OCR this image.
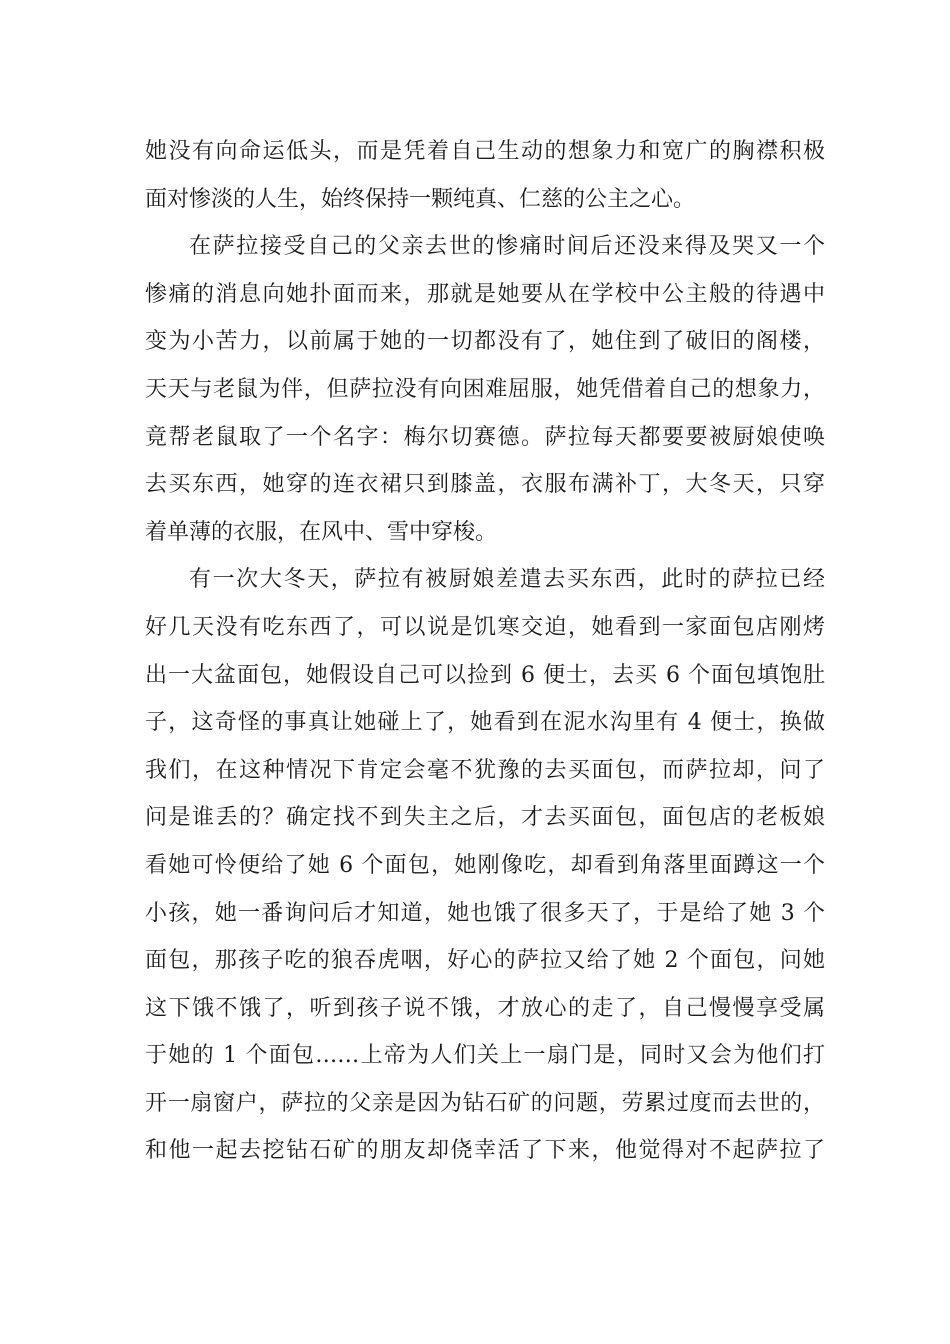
她没有向命运低头，而是凭着自己生动的想象力和宽广的胸襟积极
面对惨淡的人生，始终保持一颗纯真、仁慈的公主之心。
在萨拉接受自己的父亲去世的惨痛时间后还没来得及哭又一个
惨痛的消息向她扑面而来，那就是她要从在学校中公主般的待遇中
变为小苦力，以前属于她的一切都没有了，她住到了破旧的阁楼，
天天与老鼠为伴，但萨拉没有向困难屈服，她凭借着自己的想象力，
竟帮老鼠取了一个名字：梅尔切赛德。萨拉每天都要要被厨娘使唤
去买东西，她穿的连衣裙只到膝盖，衣服布满补丁，大冬天，只穿
着单薄的衣服，在风中、雪中穿梭。
有一次大冬天，萨拉有被厨娘差遣去买东西，此时的萨拉已经
好几天没有吃东西了，可以说是饥寒交迫，她看到一家面包店刚烤
出一大盆面包，她假设自己可以捡到 6 便士，去买 6 个面包填饱肚
子，这奇怪的事真让她碰上了，她看到在泥水沟里有 4 便士，换做
我们，在这种情况下肯定会毫不犹豫的去买面包，而萨拉却，问了
问是谁丢的？确定找不到失主之后，才去买面包，面包店的老板娘
看她可怜便给了她 6 个面包，她刚像吃，却看到角落里面蹲这一个
小孩，她一番询问后才知道，她也饿了很多天了，于是给了她 3 个
面包，那孩子吃的狼吞虎咽，好心的萨拉又给了她 2 个面包，问她
这下饿不饿了，听到孩子说不饿，才放心的走了，自己慢慢享受属
于她的 1 个面包……上帝为人们关上一扇门是，同时又会为他们打
开一扇窗户，萨拉的父亲是因为钻石矿的问题，劳累过度而去世的，
和他一起去挖钻石矿的朋友却侥幸活了下来，他觉得对不起萨拉了
